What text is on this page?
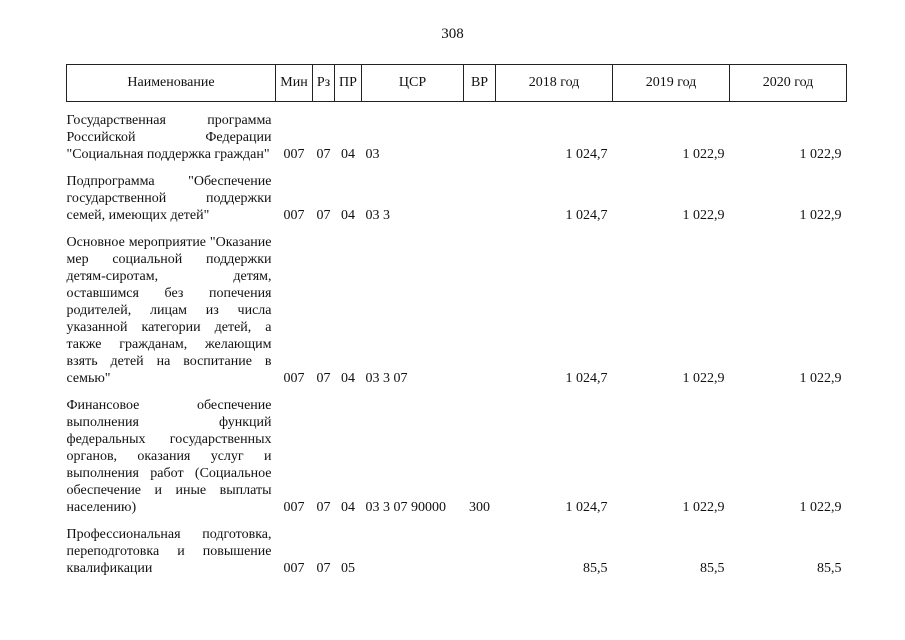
308
Наименование	Мин	Рз	ПР	ЦСР	ВР	2018 год	2019 год	2020 год
Государственная программа Российской Федерации "Социальная поддержка граждан"	007	07	04	03		1 024,7	1 022,9	1 022,9
Подпрограмма "Обеспечение государственной поддержки семей, имеющих детей"	007	07	04	03 3		1 024,7	1 022,9	1 022,9
Основное мероприятие "Оказание мер социальной поддержки детям-сиротам, детям, оставшимся без попечения родителей, лицам из числа указанной категории детей, а также гражданам, желающим взять детей на воспитание в семью"	007	07	04	03 3 07		1 024,7	1 022,9	1 022,9
Финансовое обеспечение выполнения функций федеральных государственных органов, оказания услуг и выполнения работ (Социальное обеспечение и иные выплаты населению)	007	07	04	03 3 07 90000	300	1 024,7	1 022,9	1 022,9
Профессиональная подготовка, переподготовка и повышение квалификации	007	07	05			85,5	85,5	85,5
